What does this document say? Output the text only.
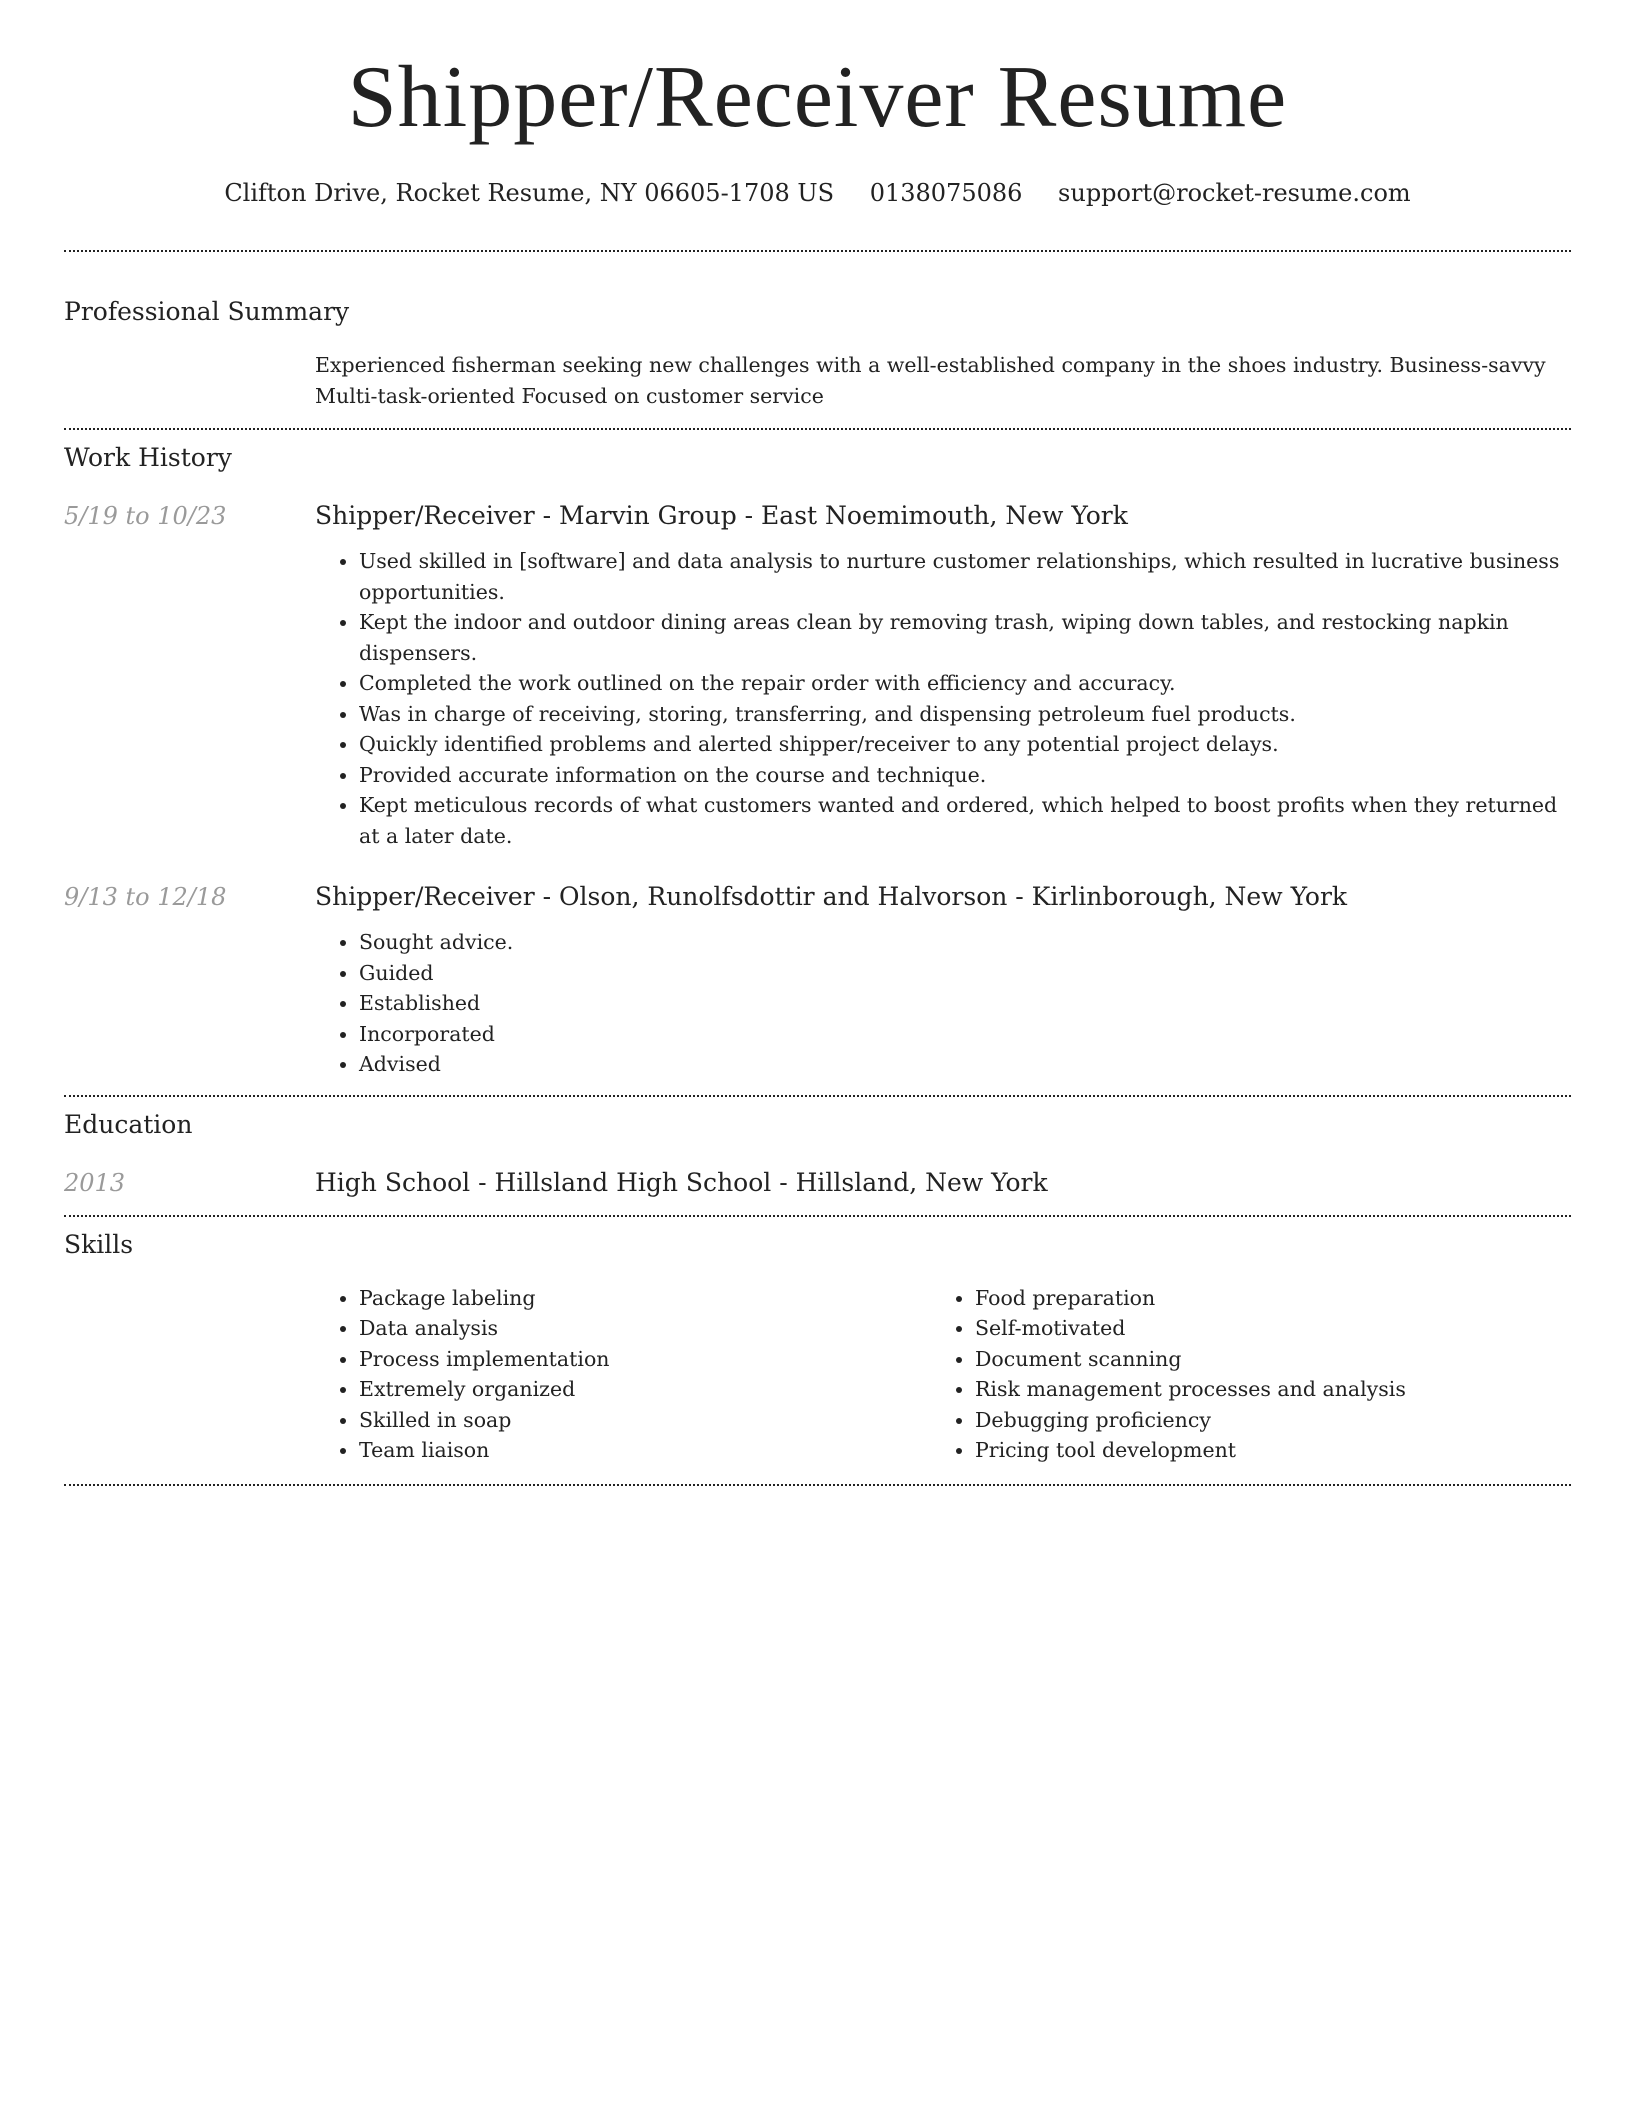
Shipper/Receiver Resume
Clifton Drive, Rocket Resume, NY 06605-1708 US 0138075086 support@rocket-resume.com
Professional Summary
Experienced fisherman seeking new challenges with a well-established company in the shoes industry. Business-savvy Multi-task-oriented Focused on customer service
Work History
5/19 to 10/23	Shipper/Receiver - Marvin Group - East Noemimouth, New York
• Used skilled in [software] and data analysis to nurture customer relationships, which resulted in lucrative business opportunities.
• Kept the indoor and outdoor dining areas clean by removing trash, wiping down tables, and restocking napkin dispensers.
• Completed the work outlined on the repair order with efficiency and accuracy.
• Was in charge of receiving, storing, transferring, and dispensing petroleum fuel products.
• Quickly identified problems and alerted shipper/receiver to any potential project delays.
• Provided accurate information on the course and technique.
• Kept meticulous records of what customers wanted and ordered, which helped to boost profits when they returned at a later date.
9/13 to 12/18	Shipper/Receiver - Olson, Runolfsdottir and Halvorson - Kirlinborough, New York
• Sought advice.
• Guided
• Established
• Incorporated
• Advised
Education
2013	High School - Hillsland High School - Hillsland, New York
Skills
• Package labeling
• Data analysis
• Process implementation
• Extremely organized
• Skilled in soap
• Team liaison
• Food preparation
• Self-motivated
• Document scanning
• Risk management processes and analysis
• Debugging proficiency
• Pricing tool development
